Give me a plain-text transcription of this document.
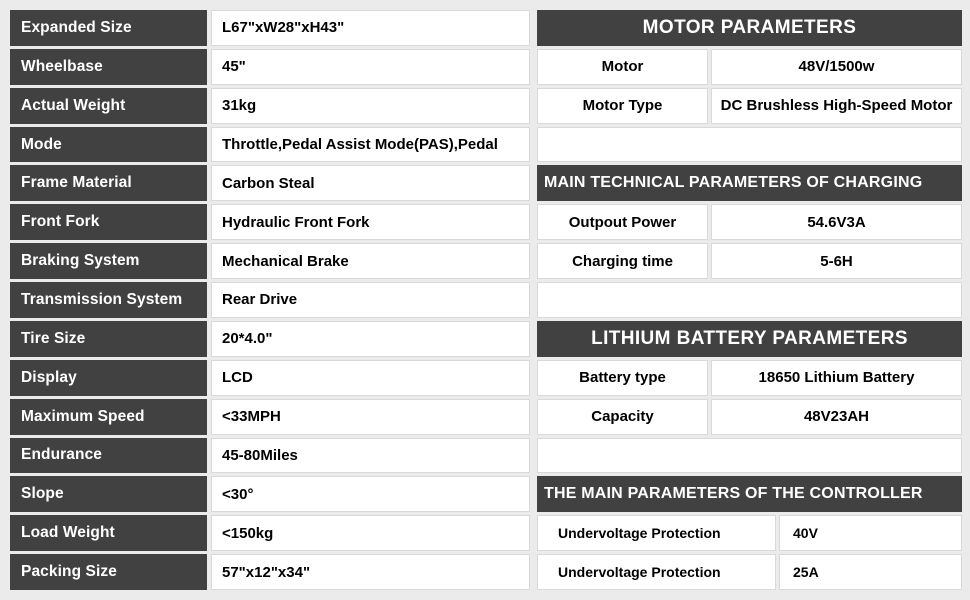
Expanded Size	L67"xW28"xH43"
Wheelbase	45"
Actual Weight	31kg
Mode	Throttle,Pedal Assist Mode(PAS),Pedal
Frame Material	Carbon Steal
Front Fork	Hydraulic Front Fork
Braking System	Mechanical Brake
Transmission System	Rear Drive
Tire Size	20*4.0"
Display	LCD
Maximum Speed	<33MPH
Endurance	45-80Miles
Slope	<30°
Load Weight	<150kg
Packing Size	57"x12"x34"
MOTOR PARAMETERS
Motor	48V/1500w
Motor Type	DC Brushless High-Speed Motor
MAIN TECHNICAL PARAMETERS OF CHARGING
Outpout Power	54.6V3A
Charging time	5-6H
LITHIUM BATTERY PARAMETERS
Battery type	18650 Lithium Battery
Capacity	48V23AH
THE MAIN PARAMETERS OF THE CONTROLLER
Undervoltage Protection	40V
Undervoltage Protection	25A
